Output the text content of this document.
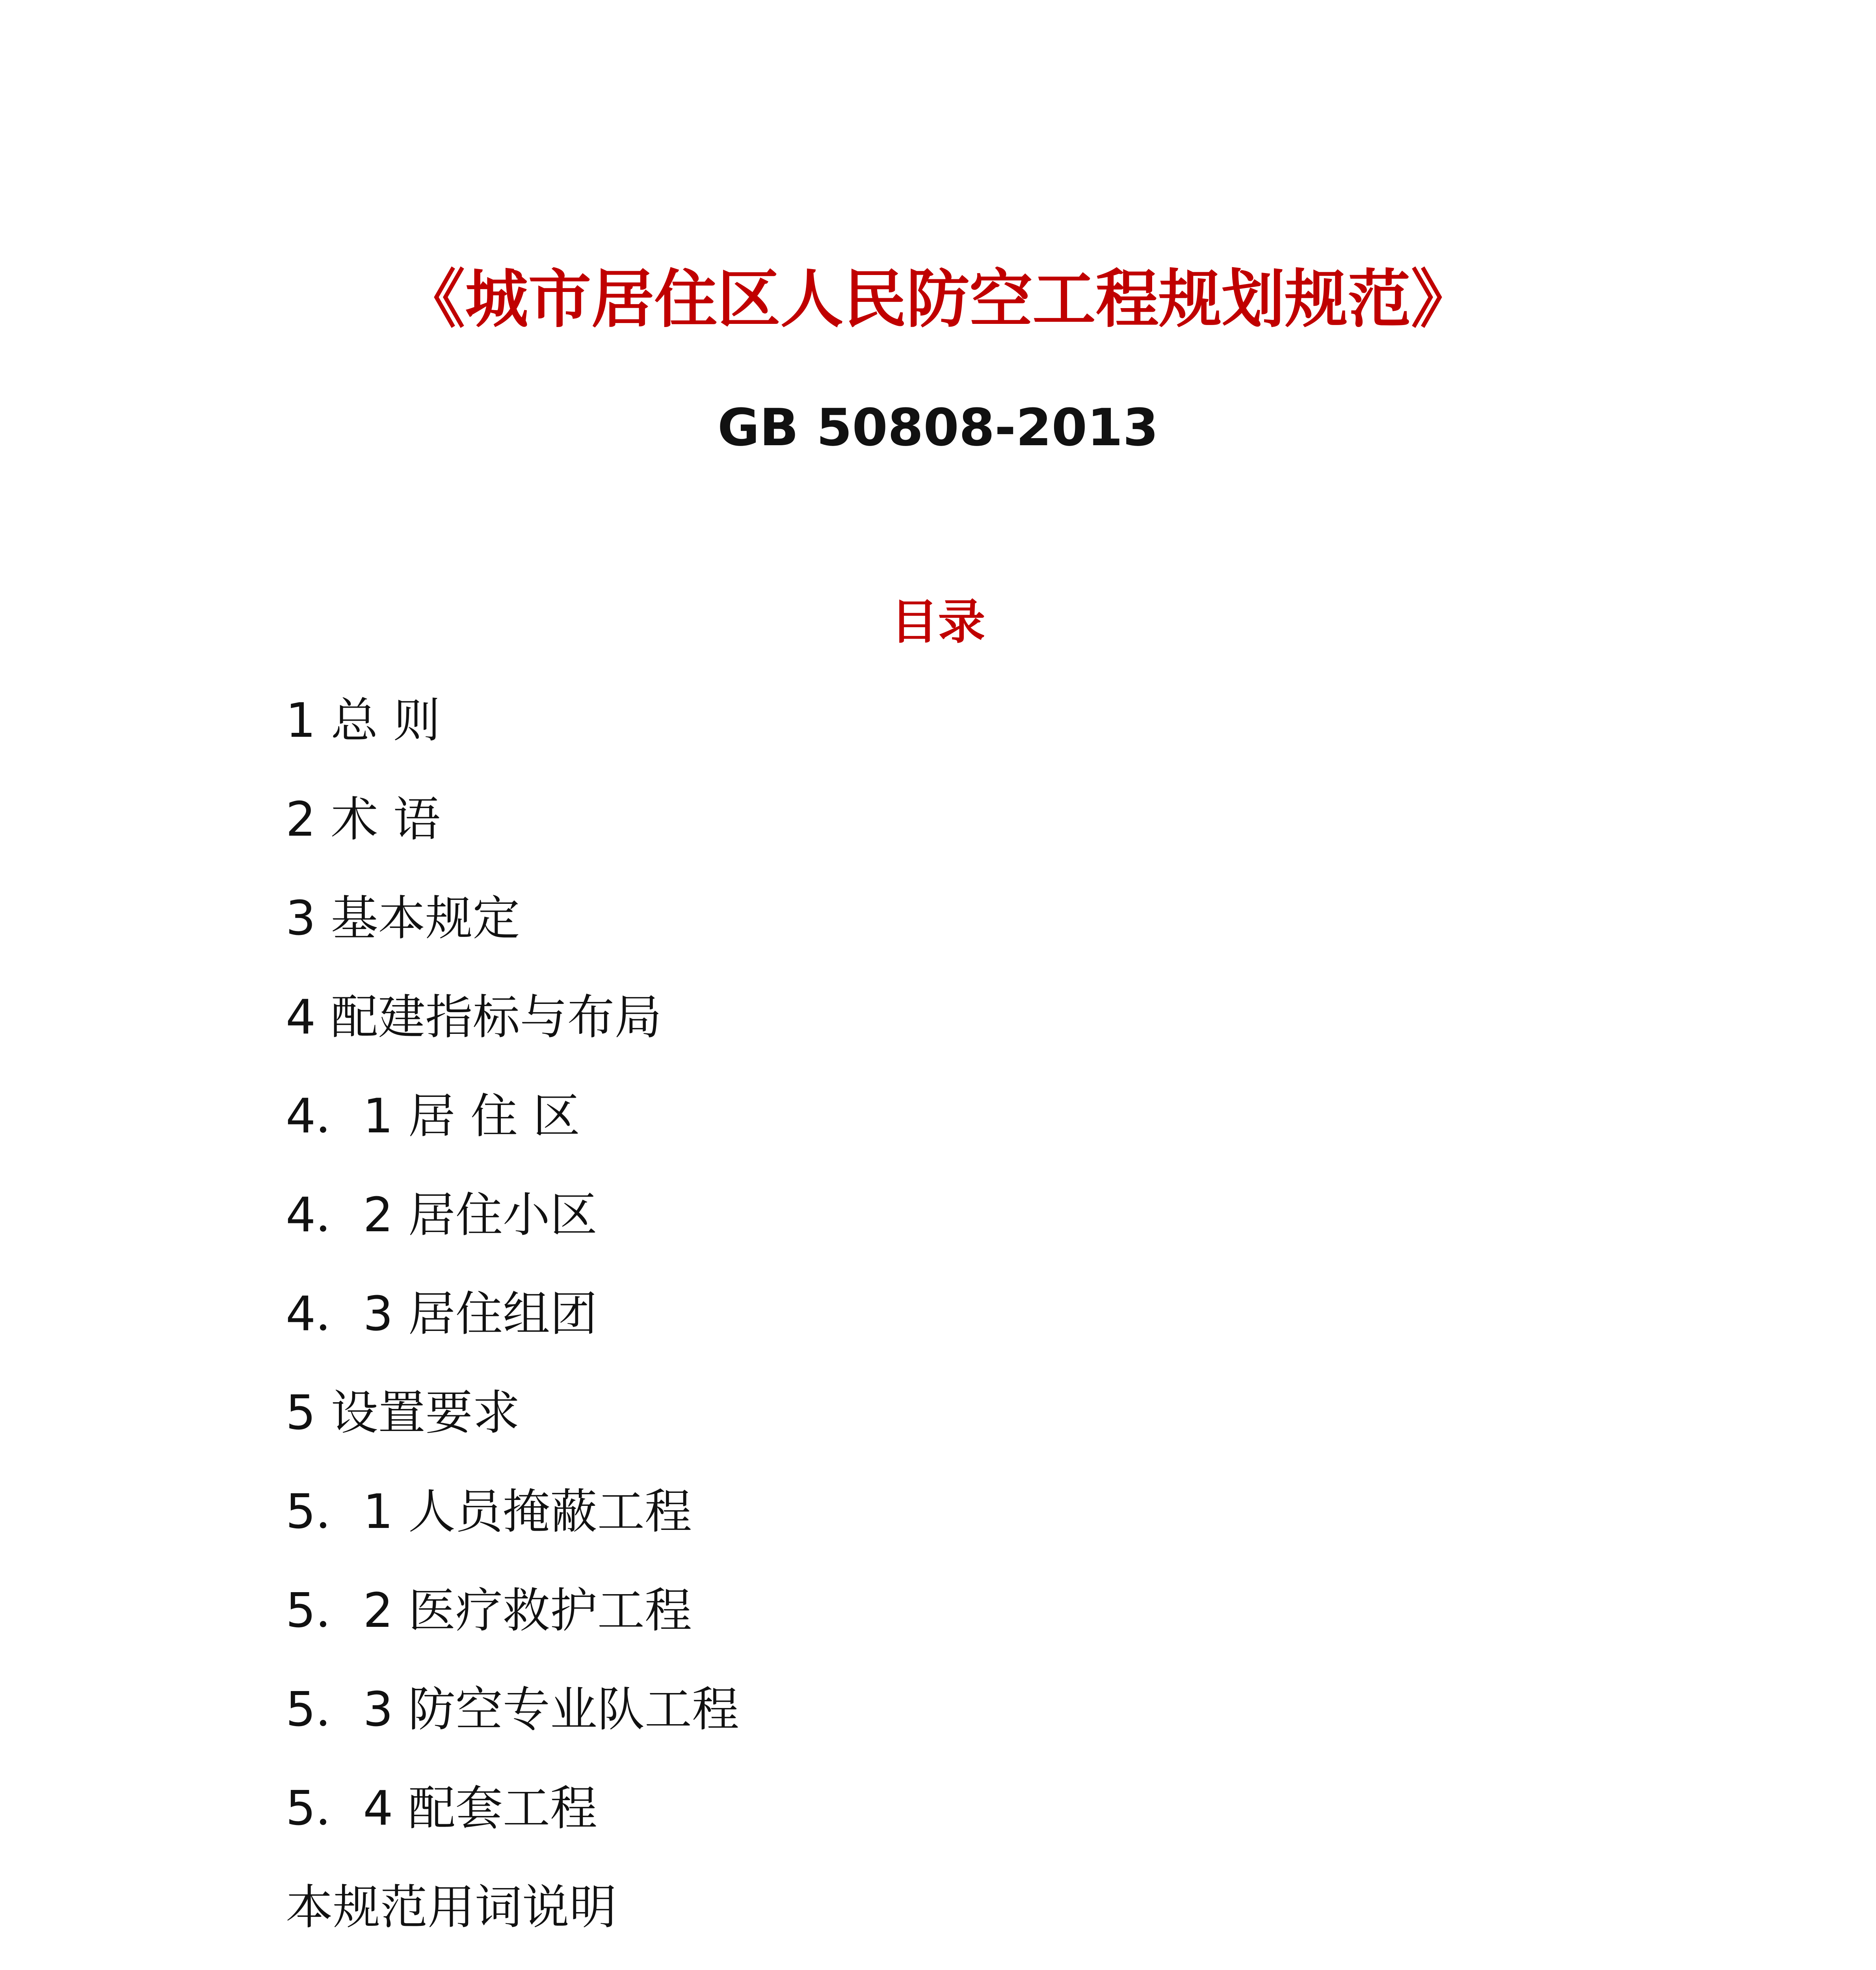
《城市居住区人民防空工程规划规范》
GB 50808-2013
目录
1 总 则
2 术 语
3 基本规定
4 配建指标与布局
4．1 居 住 区
4．2 居住小区
4．3 居住组团
5 设置要求
5．1 人员掩蔽工程
5．2 医疗救护工程
5．3 防空专业队工程
5．4 配套工程
本规范用词说明
